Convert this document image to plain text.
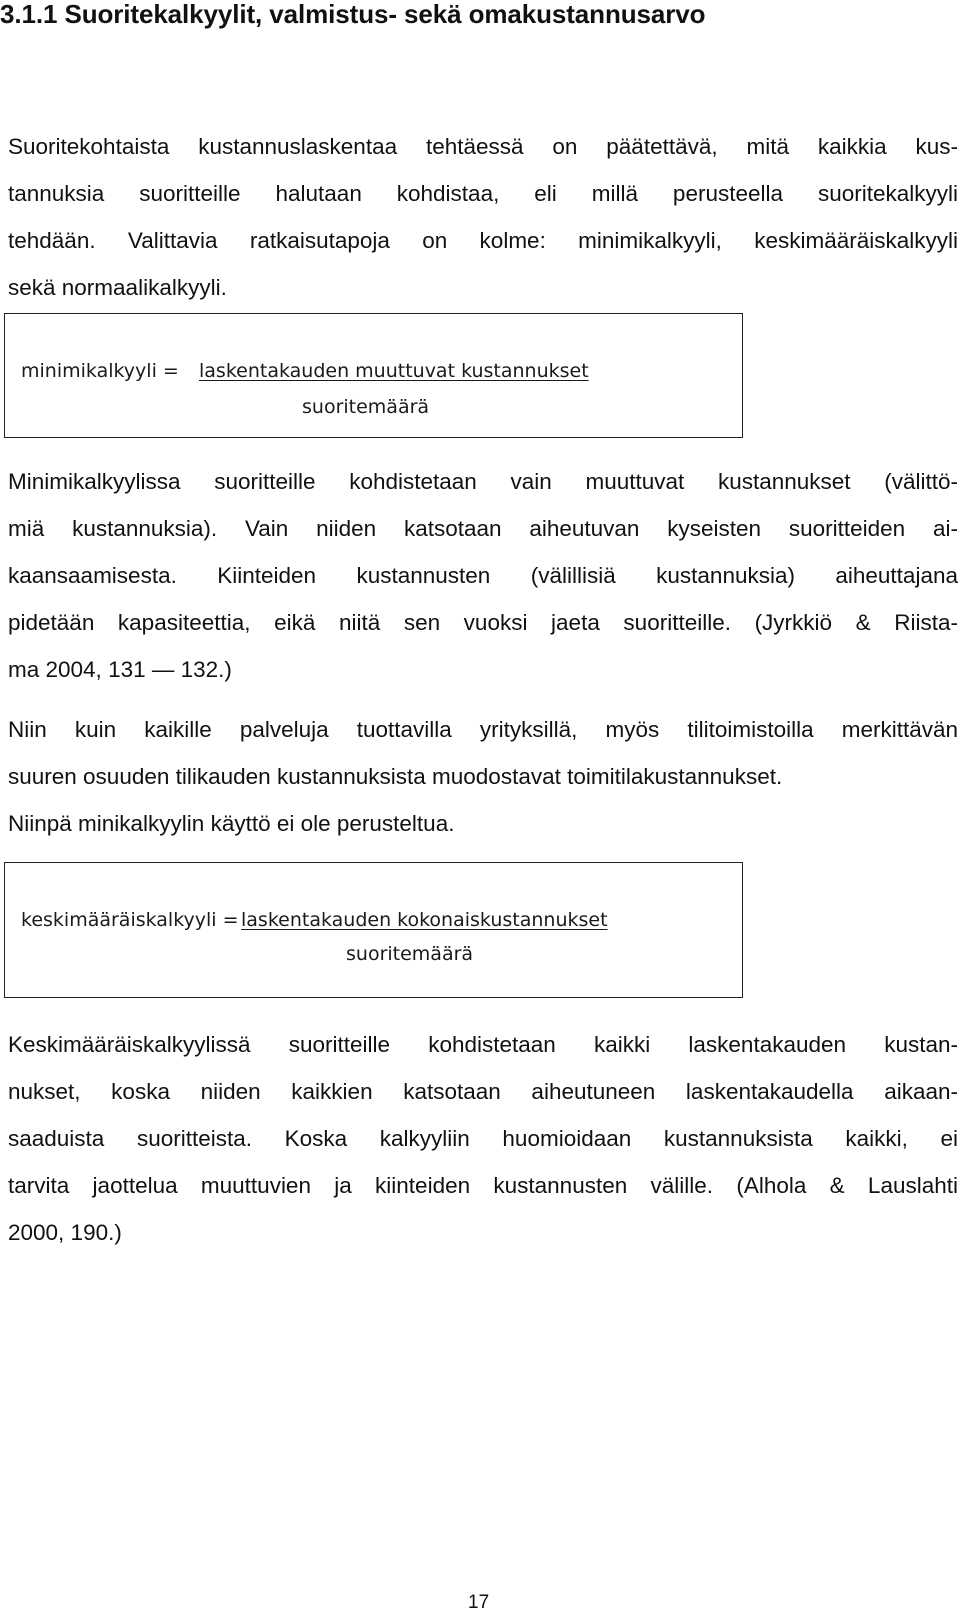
3.1.1 Suoritekalkyylit, valmistus- sekä omakustannusarvo
Suoritekohtaista kustannuslaskentaa tehtäessä on päätettävä, mitä kaikkia kus-
tannuksia suoritteille halutaan kohdistaa, eli millä perusteella suoritekalkyyli
tehdään. Valittavia ratkaisutapoja on kolme: minimikalkyyli, keskimääräiskalkyyli
sekä normaalikalkyyli.
minimikalkyyli = laskentakauden muuttuvat kustannukset
suoritemäärä
Minimikalkyylissa suoritteille kohdistetaan vain muuttuvat kustannukset (välittö-
miä kustannuksia). Vain niiden katsotaan aiheutuvan kyseisten suoritteiden ai-
kaansaamisesta. Kiinteiden kustannusten (välillisiä kustannuksia) aiheuttajana
pidetään kapasiteettia, eikä niitä sen vuoksi jaeta suoritteille. (Jyrkkiö & Riista-
ma 2004, 131 — 132.)
Niin kuin kaikille palveluja tuottavilla yrityksillä, myös tilitoimistoilla merkittävän
suuren osuuden tilikauden kustannuksista muodostavat toimitilakustannukset.
Niinpä minikalkyylin käyttö ei ole perusteltua.
keskimääräiskalkyyli = laskentakauden kokonaiskustannukset
suoritemäärä
Keskimääräiskalkyylissä suoritteille kohdistetaan kaikki laskentakauden kustan-
nukset, koska niiden kaikkien katsotaan aiheutuneen laskentakaudella aikaan-
saaduista suoritteista. Koska kalkyyliin huomioidaan kustannuksista kaikki, ei
tarvita jaottelua muuttuvien ja kiinteiden kustannusten välille. (Alhola & Lauslahti
2000, 190.)
17
